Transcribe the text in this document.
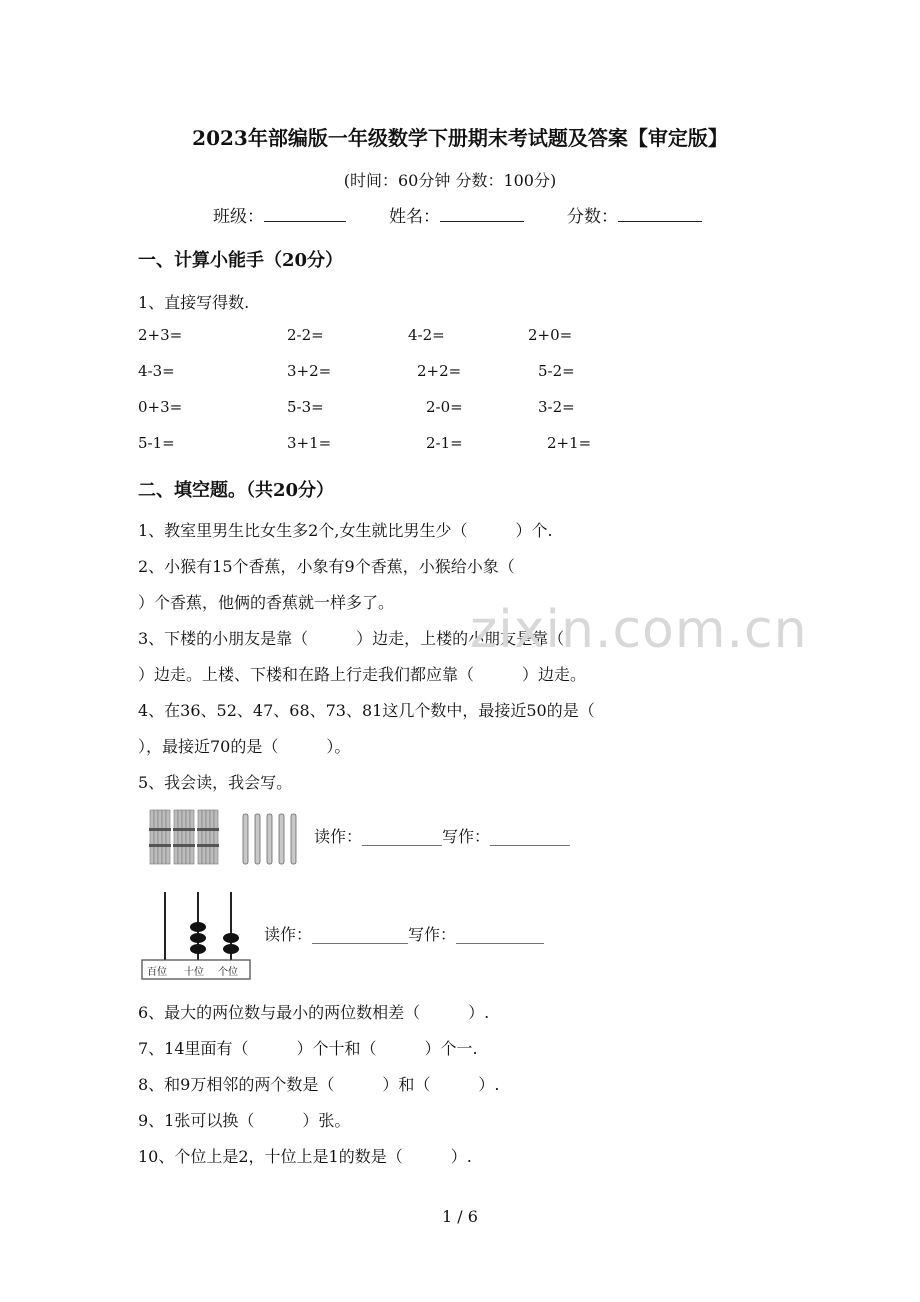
2023年部编版一年级数学下册期末考试题及答案【审定版】
(时间：60分钟 分数：100分)
班级：	姓名：	分数：
一、计算小能手（20分）
1、直接写得数.
2+3=	2-2=	4-2=	2+0=
4-3=	3+2=	2+2=	5-2=
0+3=	5-3=	2-0=	3-2=
5-1=	3+1=	2-1=	2+1=
二、填空题。（共20分）
1、教室里男生比女生多2个,女生就比男生少（　　　）个.
2、小猴有15个香蕉，小象有9个香蕉，小猴给小象（
）个香蕉，他俩的香蕉就一样多了。
3、下楼的小朋友是靠（　　　）边走，上楼的小朋友是靠（
）边走。上楼、下楼和在路上行走我们都应靠（　　　）边走。
4、在36、52、47、68、73、81这几个数中，最接近50的是（
），最接近70的是（　　　）。
5、我会读，我会写。
读作：__________写作：__________
百位 十位 个位
读作：____________写作：___________
6、最大的两位数与最小的两位数相差（　　　）.
7、14里面有（　　　）个十和（　　　）个一.
8、和9万相邻的两个数是（　　　）和（　　　）.
9、1张可以换（　　　）张。
10、个位上是2，十位上是1的数是（　　　）.
zixin.com.cn
1 / 6
